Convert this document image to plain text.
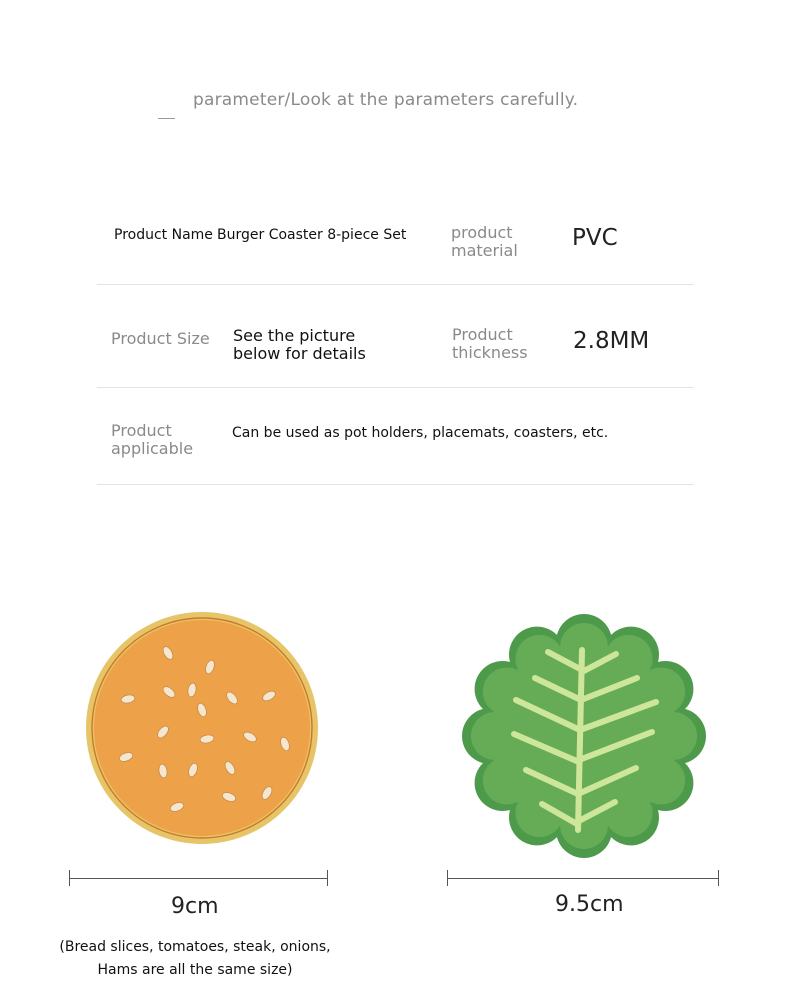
parameter/Look at the parameters carefully.
Product Name Burger Coaster 8-piece Set	product
material PVC
Product Size See the picture
below for details
Product
thickness 2.8MM
Product
applicable
Can be used as pot holders, placemats, coasters, etc.
9cm
(Bread slices, tomatoes, steak, onions,
Hams are all the same size)
9.5cm
